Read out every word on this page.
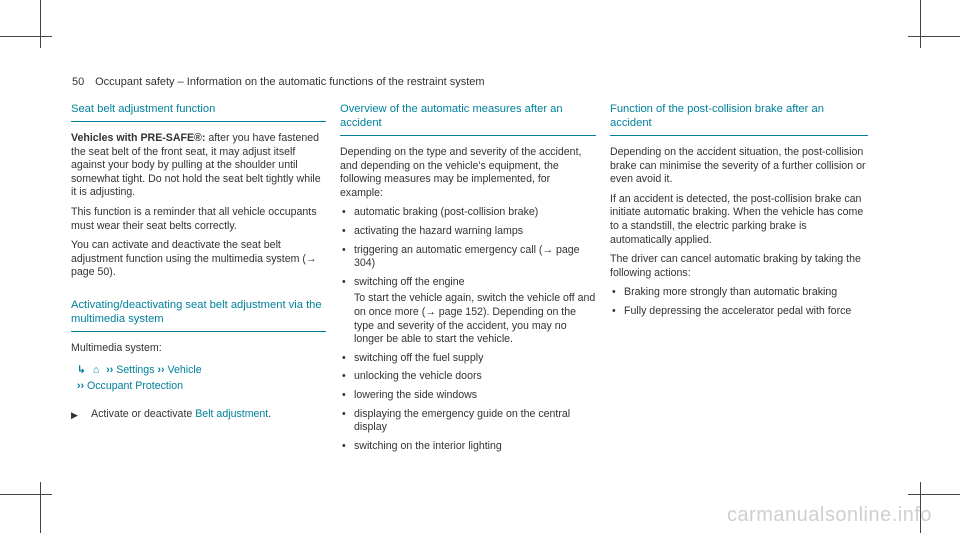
50 Occupant safety – Information on the automatic functions of the restraint system
Seat belt adjustment function

Vehicles with PRE‑SAFE®: after you have fastened the seat belt of the front seat, it may adjust itself against your body by pulling at the shoulder until somewhat tight. Do not hold the seat belt tightly while it is adjusting.

This function is a reminder that all vehicle occupants must wear their seat belts correctly.

You can activate and deactivate the seat belt adjustment function using the multimedia system (→ page 50).

Activating/deactivating seat belt adjustment via the multimedia system

Multimedia system:

↳ ⌂ ›› Settings ›› Vehicle
›› Occupant Protection
▶	Activate or deactivate Belt adjustment.
Overview of the automatic measures after an accident

Depending on the type and severity of the accident, and depending on the vehicle's equipment, the following measures may be implemented, for example:

• automatic braking (post-collision brake)
• activating the hazard warning lamps
• triggering an automatic emergency call (→ page 304)
• switching off the engine
To start the vehicle again, switch the vehicle off and on once more (→ page 152). Depending on the type and severity of the accident, you may no longer be able to start the vehicle.
• switching off the fuel supply
• unlocking the vehicle doors
• lowering the side windows
• displaying the emergency guide on the central display
• switching on the interior lighting
Function of the post-collision brake after an accident

Depending on the accident situation, the post-collision brake can minimise the severity of a further collision or even avoid it.

If an accident is detected, the post-collision brake can initiate automatic braking. When the vehicle has come to a standstill, the electric parking brake is automatically applied.

The driver can cancel automatic braking by taking the following actions:

• Braking more strongly than automatic braking
• Fully depressing the accelerator pedal with force
carmanualsonline.info
